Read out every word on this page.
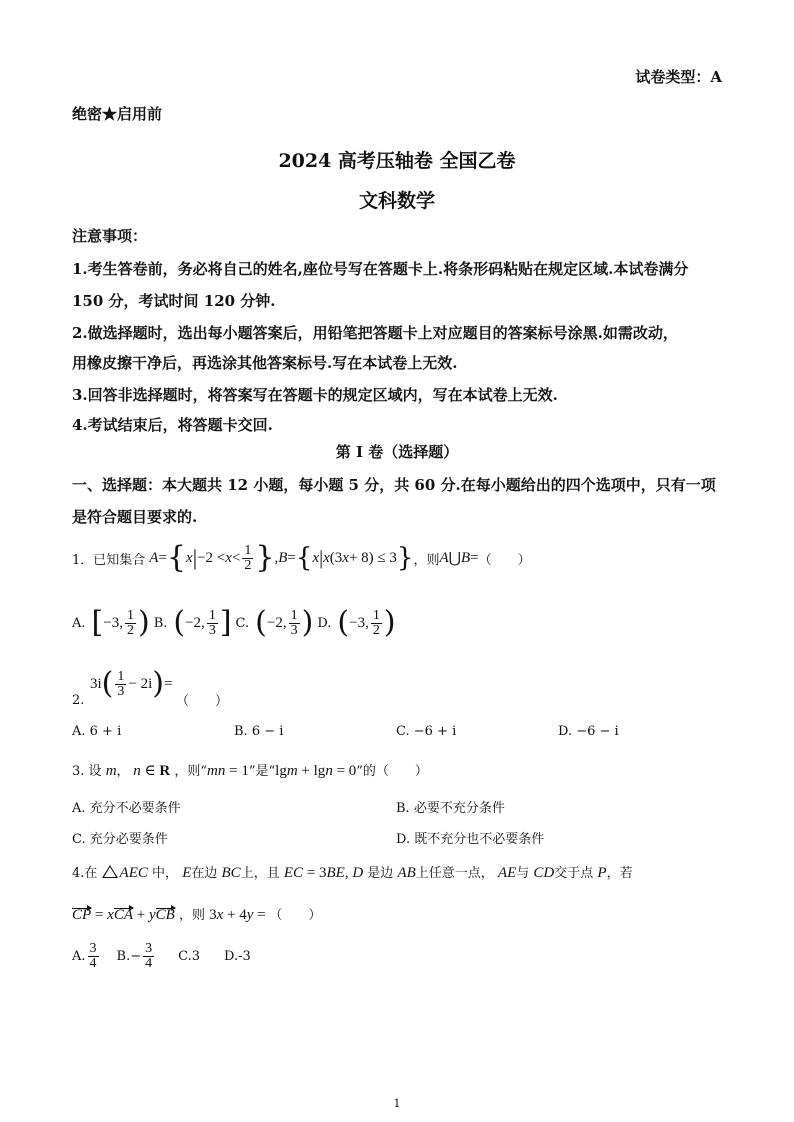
试卷类型：A
绝密★启用前
2024 高考压轴卷 全国乙卷
文科数学
注意事项：
1.考生答卷前，务必将自己的姓名,座位号写在答题卡上.将条形码粘贴在规定区域.本试卷满分
150 分，考试时间 120 分钟.
2.做选择题时，选出每小题答案后，用铅笔把答题卡上对应题目的答案标号涂黑.如需改动，
用橡皮擦干净后，再选涂其他答案标号.写在本试卷上无效.
3.回答非选择题时，将答案写在答题卡的规定区域内，写在本试卷上无效.
4.考试结束后，将答题卡交回.
第 I 卷（选择题）
一、选择题：本大题共 12 小题，每小题 5 分，共 60 分.在每小题给出的四个选项中，只有一项
是符合题目要求的.
1．已知集合 A = { x | $-2 < x < \frac{1}{2}$ } , B = { x | x (3 x + 8) ≤ 3 } ，则 A ⋃ B = （　　）
A. [ −3, $\frac{1}{2}$ ) B. ( −2, $\frac{1}{3}$ ] C. ( −2, $\frac{1}{3}$ ) D. ( −3, $\frac{1}{2}$ )
3i ( $\frac{1}{3} - 2i$ ) =
2.	（　　）
A. 6 + i	B. 6 − i	C. −6 + i	D. −6 − i
3. 设 m， n ∈ R ，则“mn = 1”是“lgm + lgn = 0”的（　　）
A. 充分不必要条件	B. 必要不充分条件
C. 充分必要条件	D. 既不充分也不必要条件
4.在 AEC 中， E在边 BC上，且 EC = 3BE, D 是边 AB上任意一点， AE与 CD交于点 P，若
CP = xCA + yCB ，则 3x + 4y = （　　）
A. $\frac{3}{4} B.- \frac{3}{4} C.3$ D.-3
1
